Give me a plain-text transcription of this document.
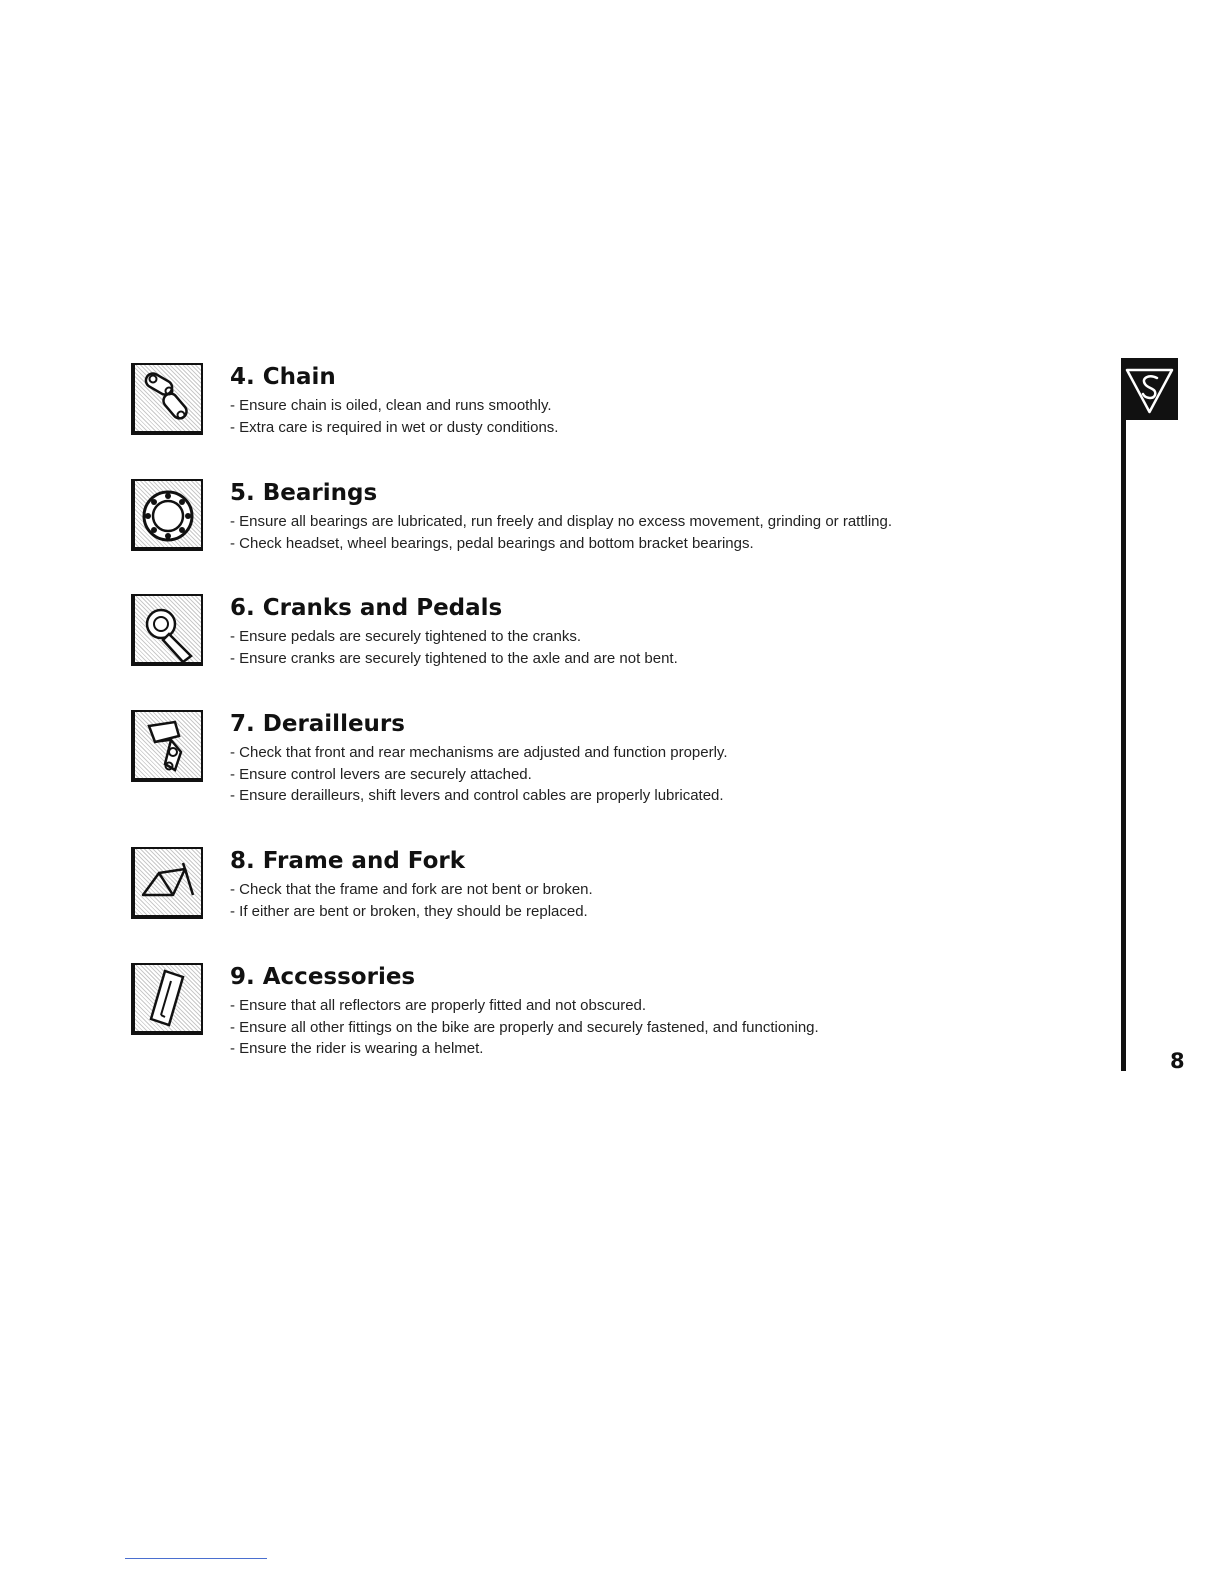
4. Chain
- Ensure chain is oiled, clean and runs smoothly.
- Extra care is required in wet or dusty conditions.
5. Bearings
- Ensure all bearings are lubricated, run freely and display no excess movement, grinding or rattling.
- Check headset, wheel bearings, pedal bearings and bottom bracket bearings.
6. Cranks and Pedals
- Ensure pedals are securely tightened to the cranks.
- Ensure cranks are securely tightened to the axle and are not bent.
7. Derailleurs
- Check that front and rear mechanisms are adjusted and function properly.
- Ensure control levers are securely attached.
- Ensure derailleurs, shift levers and control cables are properly lubricated.
8. Frame and Fork
- Check that the frame and fork are not bent or broken.
- If either are bent or broken, they should be replaced.
9. Accessories
- Ensure that all reflectors are properly fitted and not obscured.
- Ensure all other fittings on the bike are properly and securely fastened, and functioning.
- Ensure the rider is wearing a helmet.
8
